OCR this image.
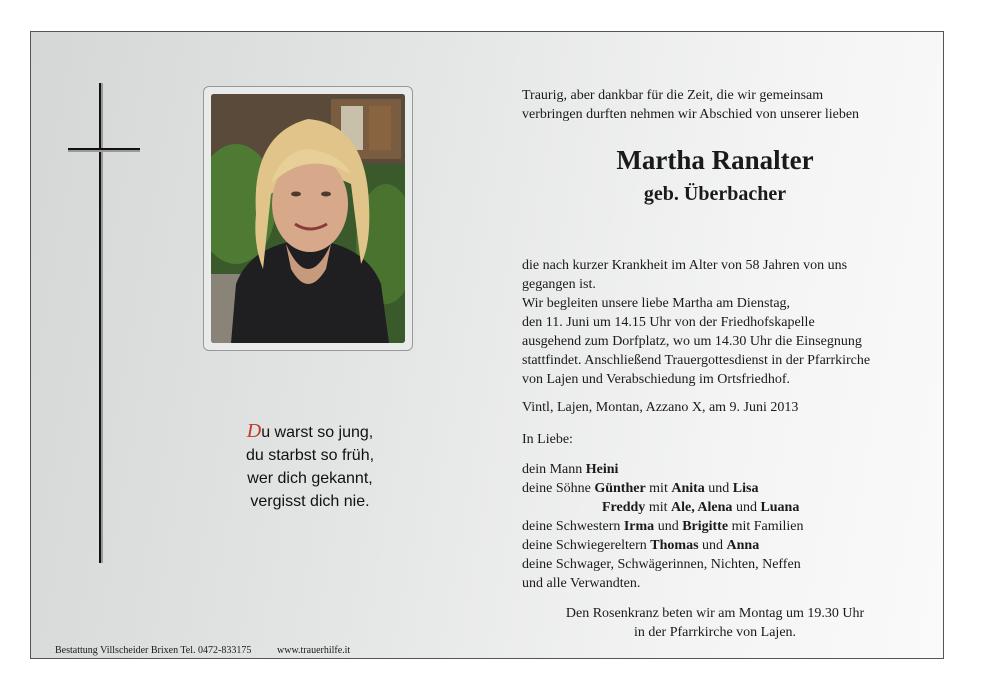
Du warst so jung,
du starbst so früh,
wer dich gekannt,
vergisst dich nie.
Traurig, aber dankbar für die Zeit, die wir gemeinsam
verbringen durften nehmen wir Abschied von unserer lieben
Martha Ranalter
geb. Überbacher
die nach kurzer Krankheit im Alter von 58 Jahren von uns
gegangen ist.
Wir begleiten unsere liebe Martha am Dienstag,
den 11. Juni um 14.15 Uhr von der Friedhofskapelle
ausgehend zum Dorfplatz, wo um 14.30 Uhr die Einsegnung
stattfindet. Anschließend Trauergottesdienst in der Pfarrkirche
von Lajen und Verabschiedung im Ortsfriedhof.
Vintl, Lajen, Montan, Azzano X, am 9. Juni 2013
In Liebe:
dein Mann Heini
deine Söhne Günther mit Anita und Lisa
Freddy mit Ale, Alena und Luana
deine Schwestern Irma und Brigitte mit Familien
deine Schwiegereltern Thomas und Anna
deine Schwager, Schwägerinnen, Nichten, Neffen
und alle Verwandten.
Den Rosenkranz beten wir am Montag um 19.30 Uhr
in der Pfarrkirche von Lajen.
Bestattung Villscheider Brixen Tel. 0472-833175	www.trauerhilfe.it
